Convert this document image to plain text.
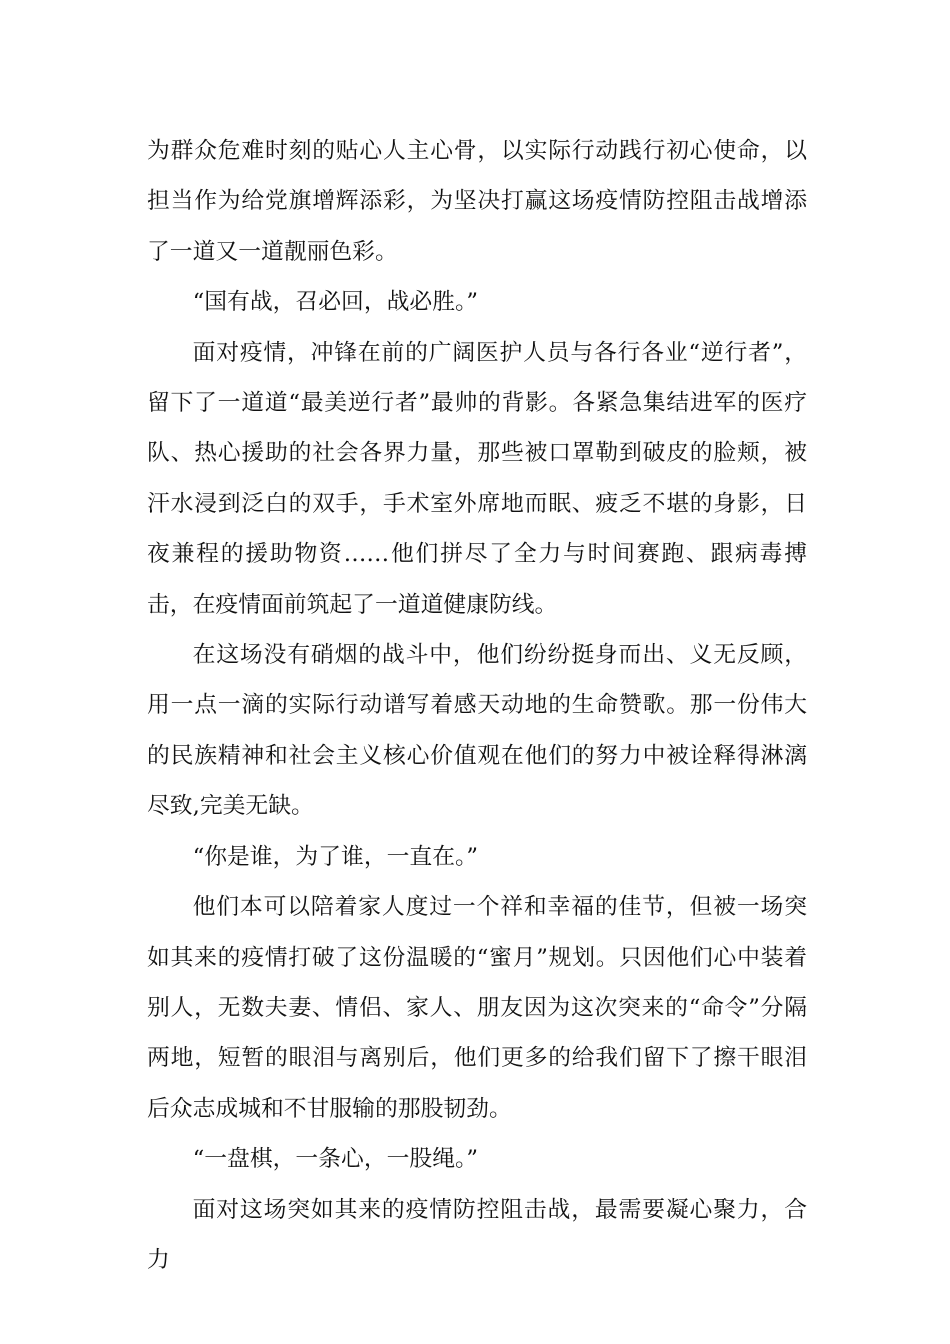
为群众危难时刻的贴心人主心骨，以实际行动践行初心使命，以担当作为给党旗增辉添彩，为坚决打赢这场疫情防控阻击战增添了一道又一道靓丽色彩。

“国有战，召必回，战必胜。”

面对疫情，冲锋在前的广阔医护人员与各行各业“逆行者”，留下了一道道“最美逆行者”最帅的背影。各紧急集结进军的医疗队、热心援助的社会各界力量，那些被口罩勒到破皮的脸颊，被汗水浸到泛白的双手，手术室外席地而眠、疲乏不堪的身影，日夜兼程的援助物资……他们拼尽了全力与时间赛跑、跟病毒搏击，在疫情面前筑起了一道道健康防线。

在这场没有硝烟的战斗中，他们纷纷挺身而出、义无反顾，用一点一滴的实际行动谱写着感天动地的生命赞歌。那一份伟大的民族精神和社会主义核心价值观在他们的努力中被诠释得淋漓尽致,完美无缺。

“你是谁，为了谁，一直在。”

他们本可以陪着家人度过一个祥和幸福的佳节，但被一场突如其来的疫情打破了这份温暖的“蜜月”规划。只因他们心中装着别人，无数夫妻、情侣、家人、朋友因为这次突来的“命令”分隔两地，短暂的眼泪与离别后，他们更多的给我们留下了擦干眼泪后众志成城和不甘服输的那股韧劲。

“一盘棋，一条心，一股绳。”

面对这场突如其来的疫情防控阻击战，最需要凝心聚力，合力
